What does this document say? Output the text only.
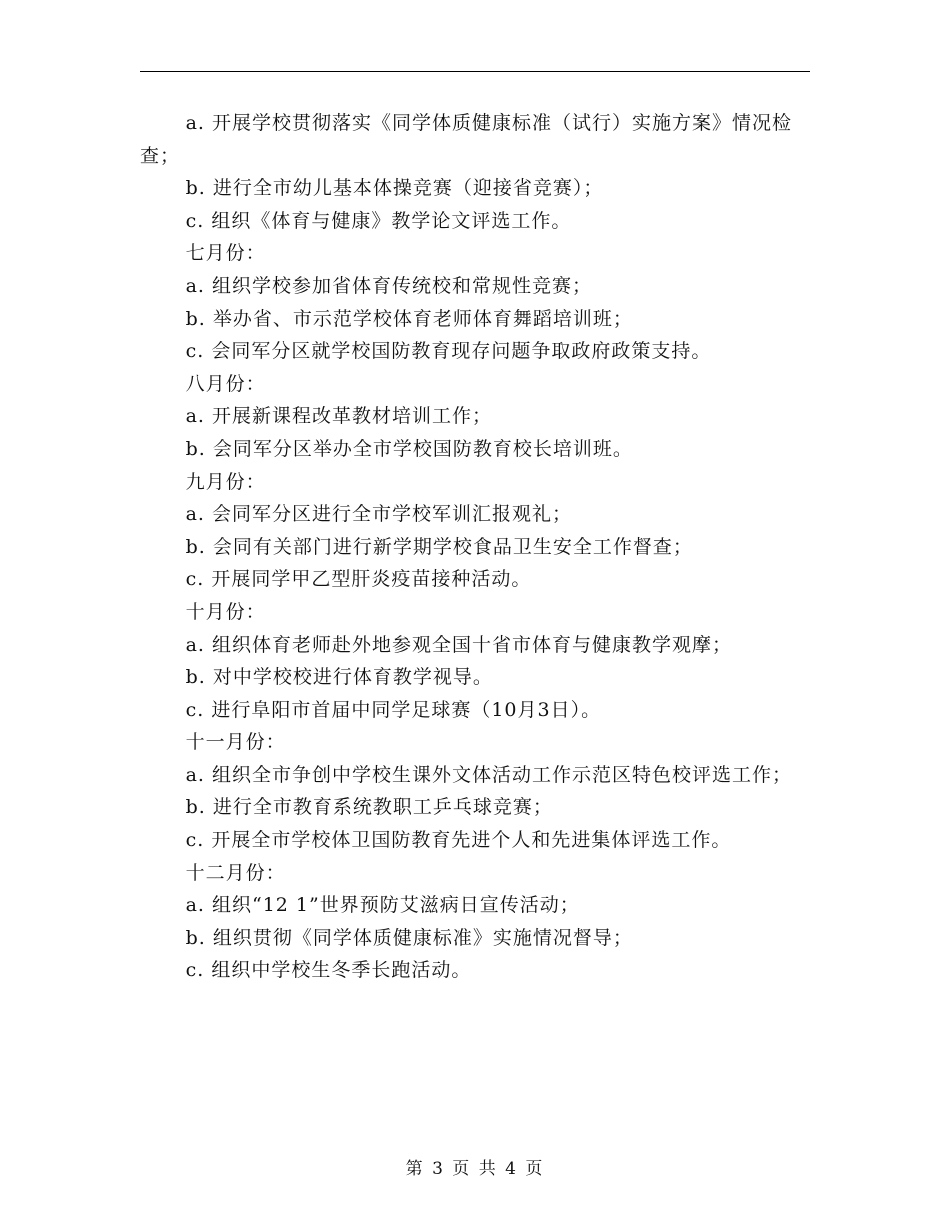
a. 开展学校贯彻落实《同学体质健康标准（试行）实施方案》情况检查；

b. 进行全市幼儿基本体操竞赛（迎接省竞赛）；

c. 组织《体育与健康》教学论文评选工作。

七月份：

a. 组织学校参加省体育传统校和常规性竞赛；

b. 举办省、市示范学校体育老师体育舞蹈培训班；

c. 会同军分区就学校国防教育现存问题争取政府政策支持。

八月份：

a. 开展新课程改革教材培训工作；

b. 会同军分区举办全市学校国防教育校长培训班。

九月份：

a. 会同军分区进行全市学校军训汇报观礼；

b. 会同有关部门进行新学期学校食品卫生安全工作督查；

c. 开展同学甲乙型肝炎疫苗接种活动。

十月份：

a. 组织体育老师赴外地参观全国十省市体育与健康教学观摩；

b. 对中学校校进行体育教学视导。

c. 进行阜阳市首届中同学足球赛（10月3日）。

十一月份：

a. 组织全市争创中学校生课外文体活动工作示范区特色校评选工作；

b. 进行全市教育系统教职工乒乓球竞赛；

c. 开展全市学校体卫国防教育先进个人和先进集体评选工作。

十二月份：

a. 组织“12 1”世界预防艾滋病日宣传活动；

b. 组织贯彻《同学体质健康标准》实施情况督导；

c. 组织中学校生冬季长跑活动。

第 3 页 共 4 页
